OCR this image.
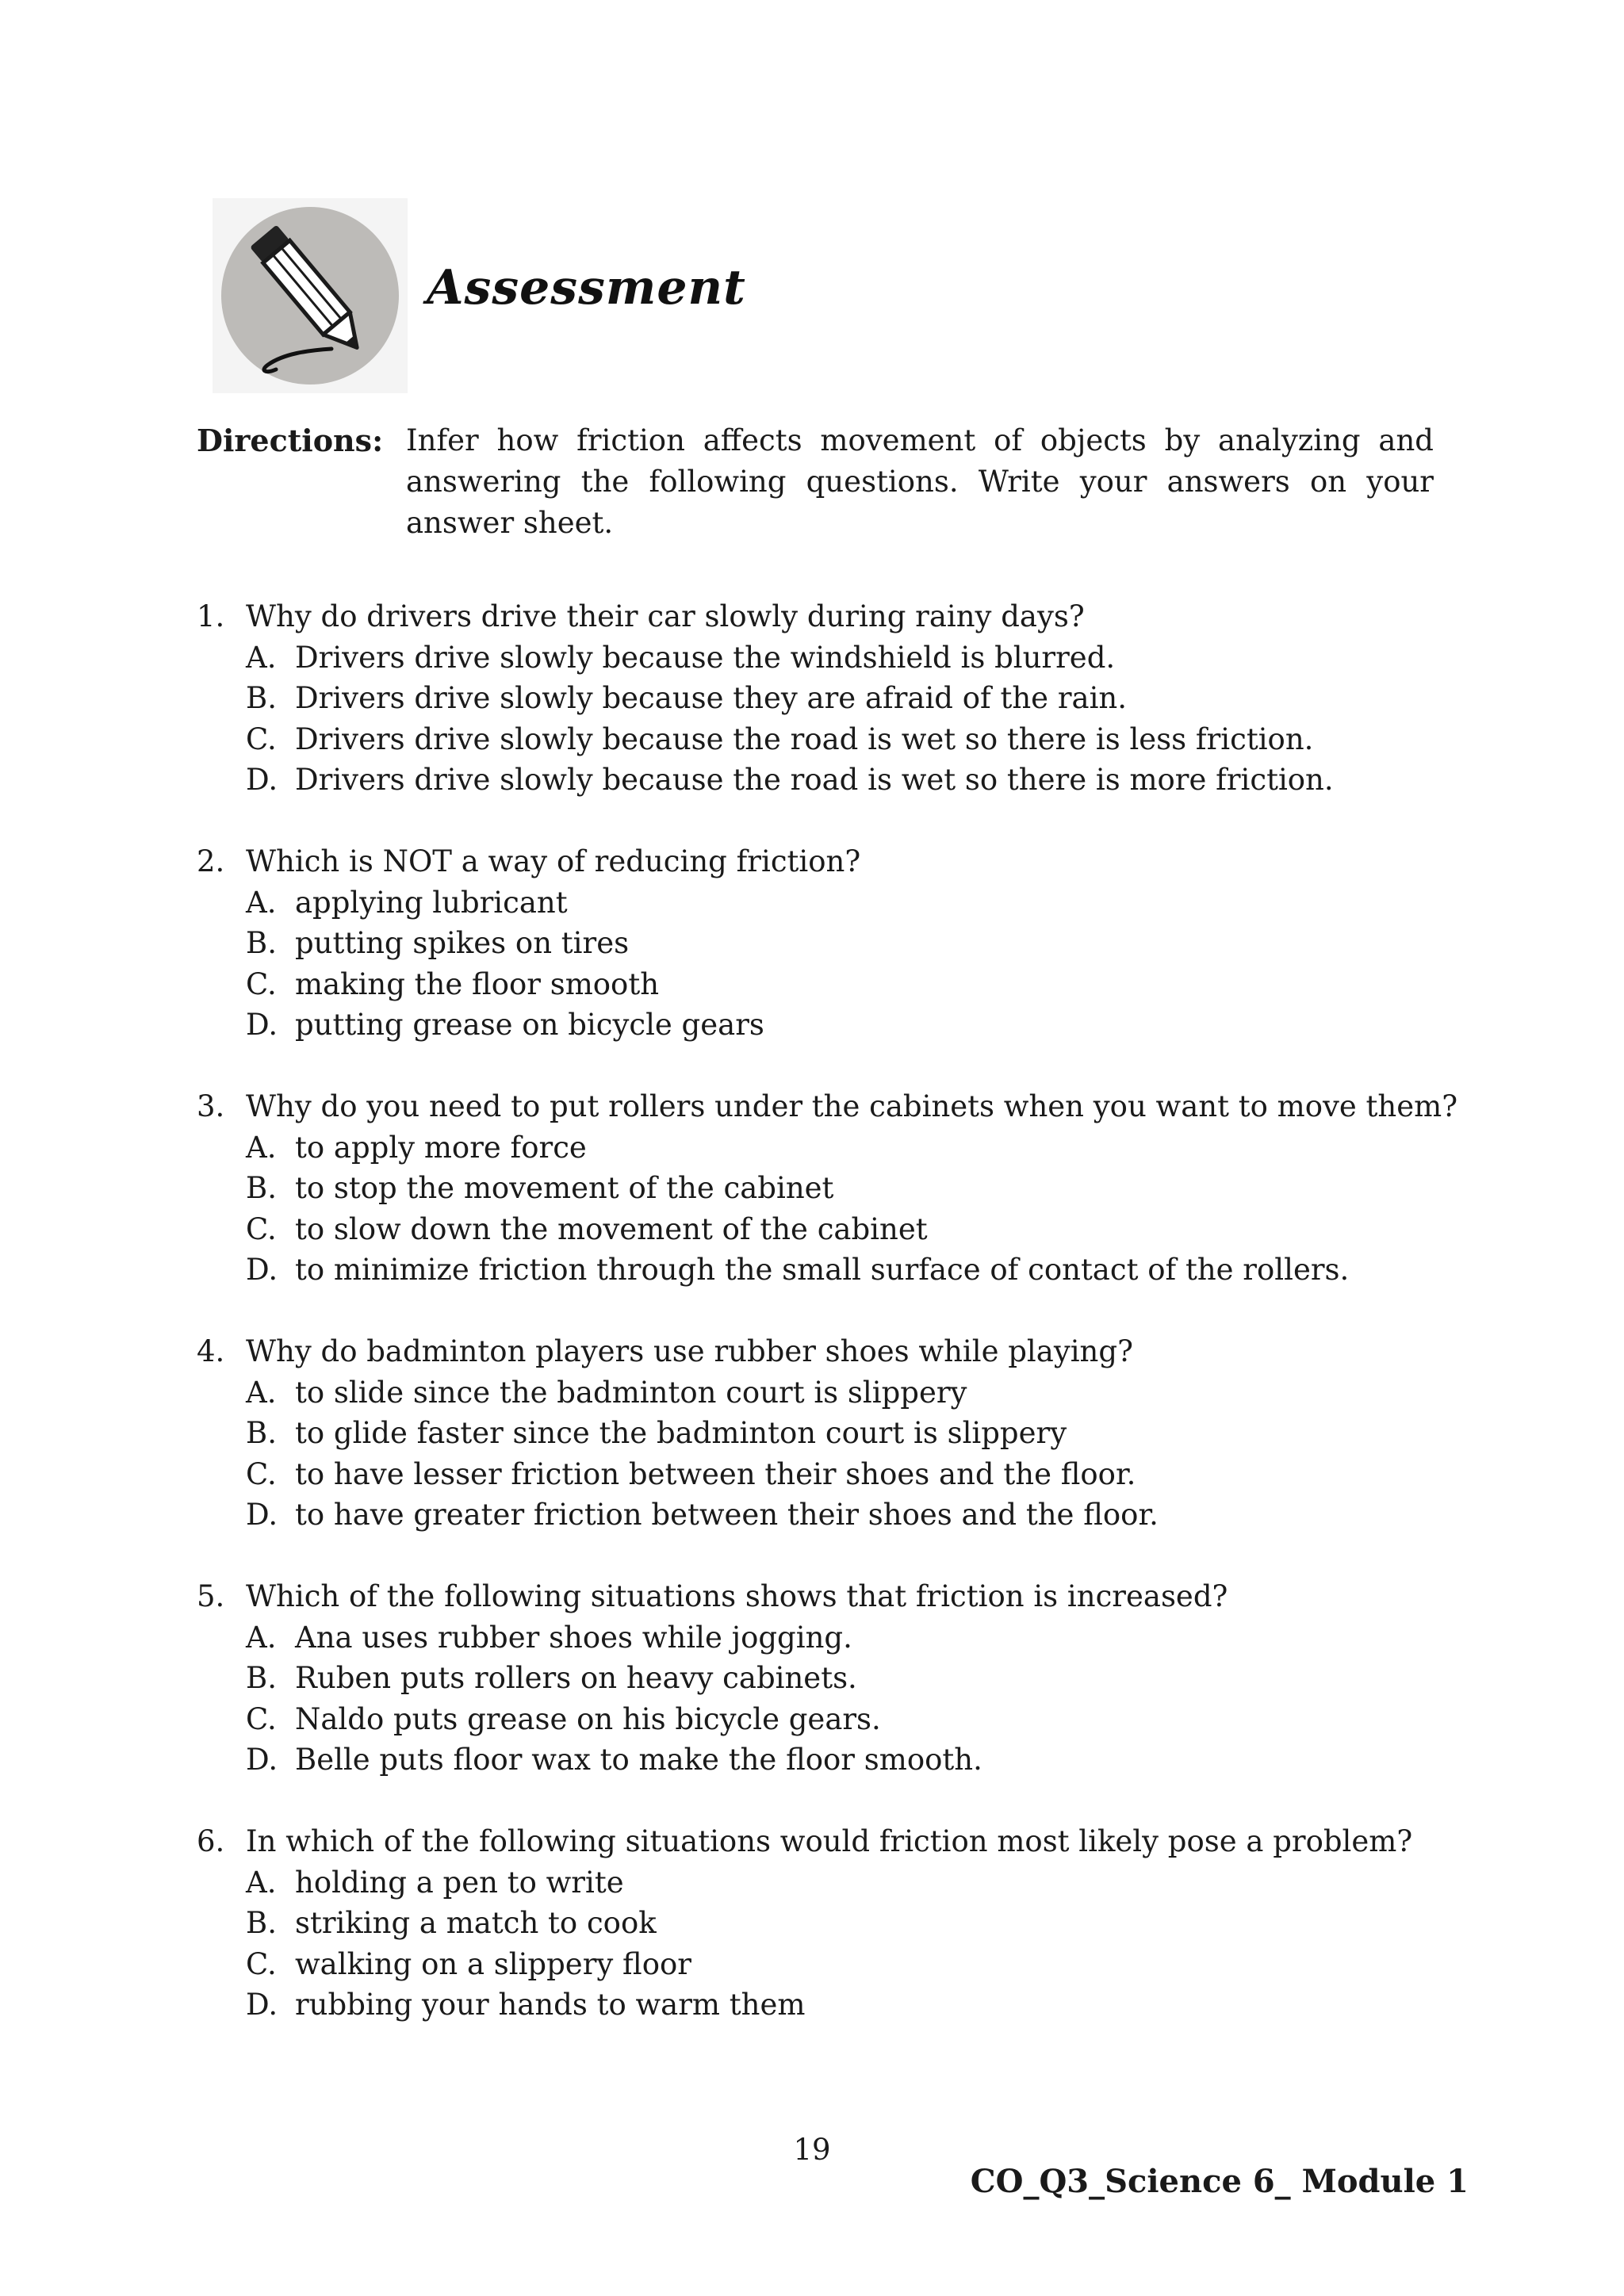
Assessment
Directions: Infer how friction affects movement of objects by analyzing and answering the following questions. Write your answers on your answer sheet.
1. Why do drivers drive their car slowly during rainy days?
A. Drivers drive slowly because the windshield is blurred.
B. Drivers drive slowly because they are afraid of the rain.
C. Drivers drive slowly because the road is wet so there is less friction.
D. Drivers drive slowly because the road is wet so there is more friction.
2. Which is NOT a way of reducing friction?
A. applying lubricant
B. putting spikes on tires
C. making the floor smooth
D. putting grease on bicycle gears
3. Why do you need to put rollers under the cabinets when you want to move them?
A. to apply more force
B. to stop the movement of the cabinet
C. to slow down the movement of the cabinet
D. to minimize friction through the small surface of contact of the rollers.
4. Why do badminton players use rubber shoes while playing?
A. to slide since the badminton court is slippery
B. to glide faster since the badminton court is slippery
C. to have lesser friction between their shoes and the floor.
D. to have greater friction between their shoes and the floor.
5. Which of the following situations shows that friction is increased?
A. Ana uses rubber shoes while jogging.
B. Ruben puts rollers on heavy cabinets.
C. Naldo puts grease on his bicycle gears.
D. Belle puts floor wax to make the floor smooth.
6. In which of the following situations would friction most likely pose a problem?
A. holding a pen to write
B. striking a match to cook
C. walking on a slippery floor
D. rubbing your hands to warm them
19
CO_Q3_Science 6_ Module 1
